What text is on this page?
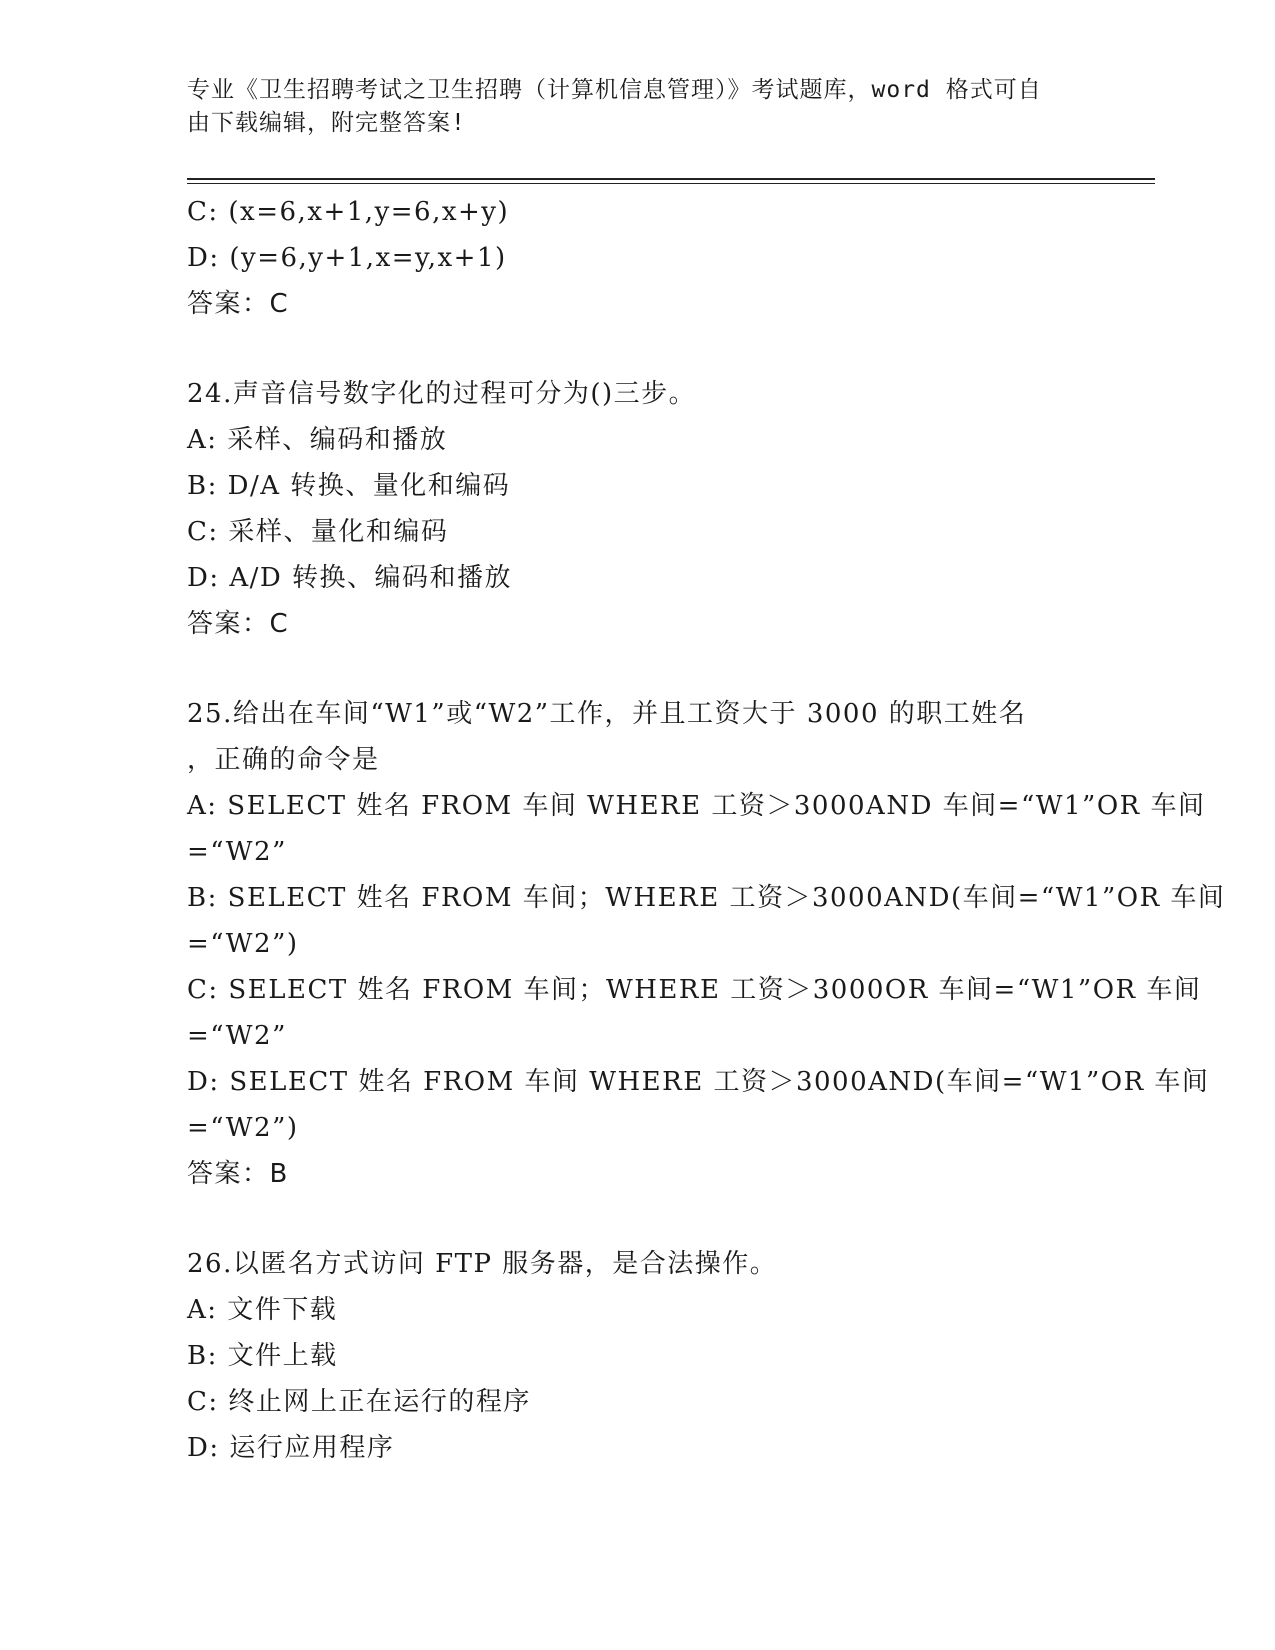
专业《卫生招聘考试之卫生招聘（计算机信息管理）》考试题库，word 格式可自
由下载编辑，附完整答案!
C: (x=6,x+1,y=6,x+y)
D: (y=6,y+1,x=y,x+1)
答案：C
24.声音信号数字化的过程可分为()三步。
A: 采样、编码和播放
B: D/A 转换、量化和编码
C: 采样、量化和编码
D: A/D 转换、编码和播放
答案：C
25.给出在车间“W1”或“W2”工作，并且工资大于 3000 的职工姓名
，正确的命令是
A: SELECT 姓名 FROM 车间 WHERE 工资＞3000AND 车间=“W1”OR 车间
=“W2”
B: SELECT 姓名 FROM 车间；WHERE 工资＞3000AND(车间=“W1”OR 车间
=“W2”)
C: SELECT 姓名 FROM 车间；WHERE 工资＞3000OR 车间=“W1”OR 车间
=“W2”
D: SELECT 姓名 FROM 车间 WHERE 工资＞3000AND(车间=“W1”OR 车间
=“W2”)
答案：B
26.以匿名方式访问 FTP 服务器，是合法操作。
A: 文件下载
B: 文件上载
C: 终止网上正在运行的程序
D: 运行应用程序
